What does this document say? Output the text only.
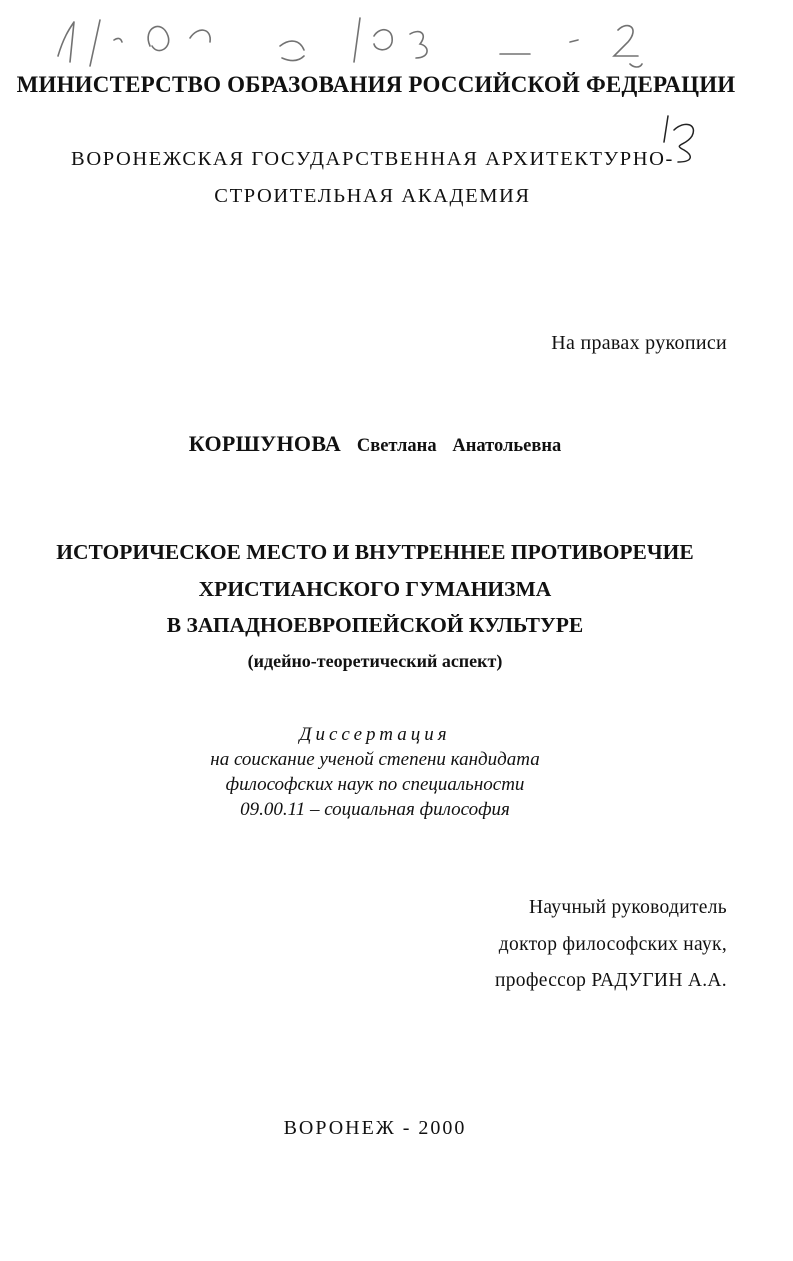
МИНИСТЕРСТВО ОБРАЗОВАНИЯ РОССИЙСКОЙ ФЕДЕРАЦИИ
ВОРОНЕЖСКАЯ ГОСУДАРСТВЕННАЯ АРХИТЕКТУРНО-
СТРОИТЕЛЬНАЯ АКАДЕМИЯ
На правах рукописи
КОРШУНОВА Светлана Анатольевна
ИСТОРИЧЕСКОЕ МЕСТО И ВНУТРЕННЕЕ ПРОТИВОРЕЧИЕ
ХРИСТИАНСКОГО ГУМАНИЗМА
В ЗАПАДНОЕВРОПЕЙСКОЙ КУЛЬТУРЕ
(идейно-теоретический аспект)
Диссертация
на соискание ученой степени кандидата
философских наук по специальности
09.00.11 – социальная философия
Научный руководитель
доктор философских наук,
профессор РАДУГИН А.А.
ВОРОНЕЖ - 2000
